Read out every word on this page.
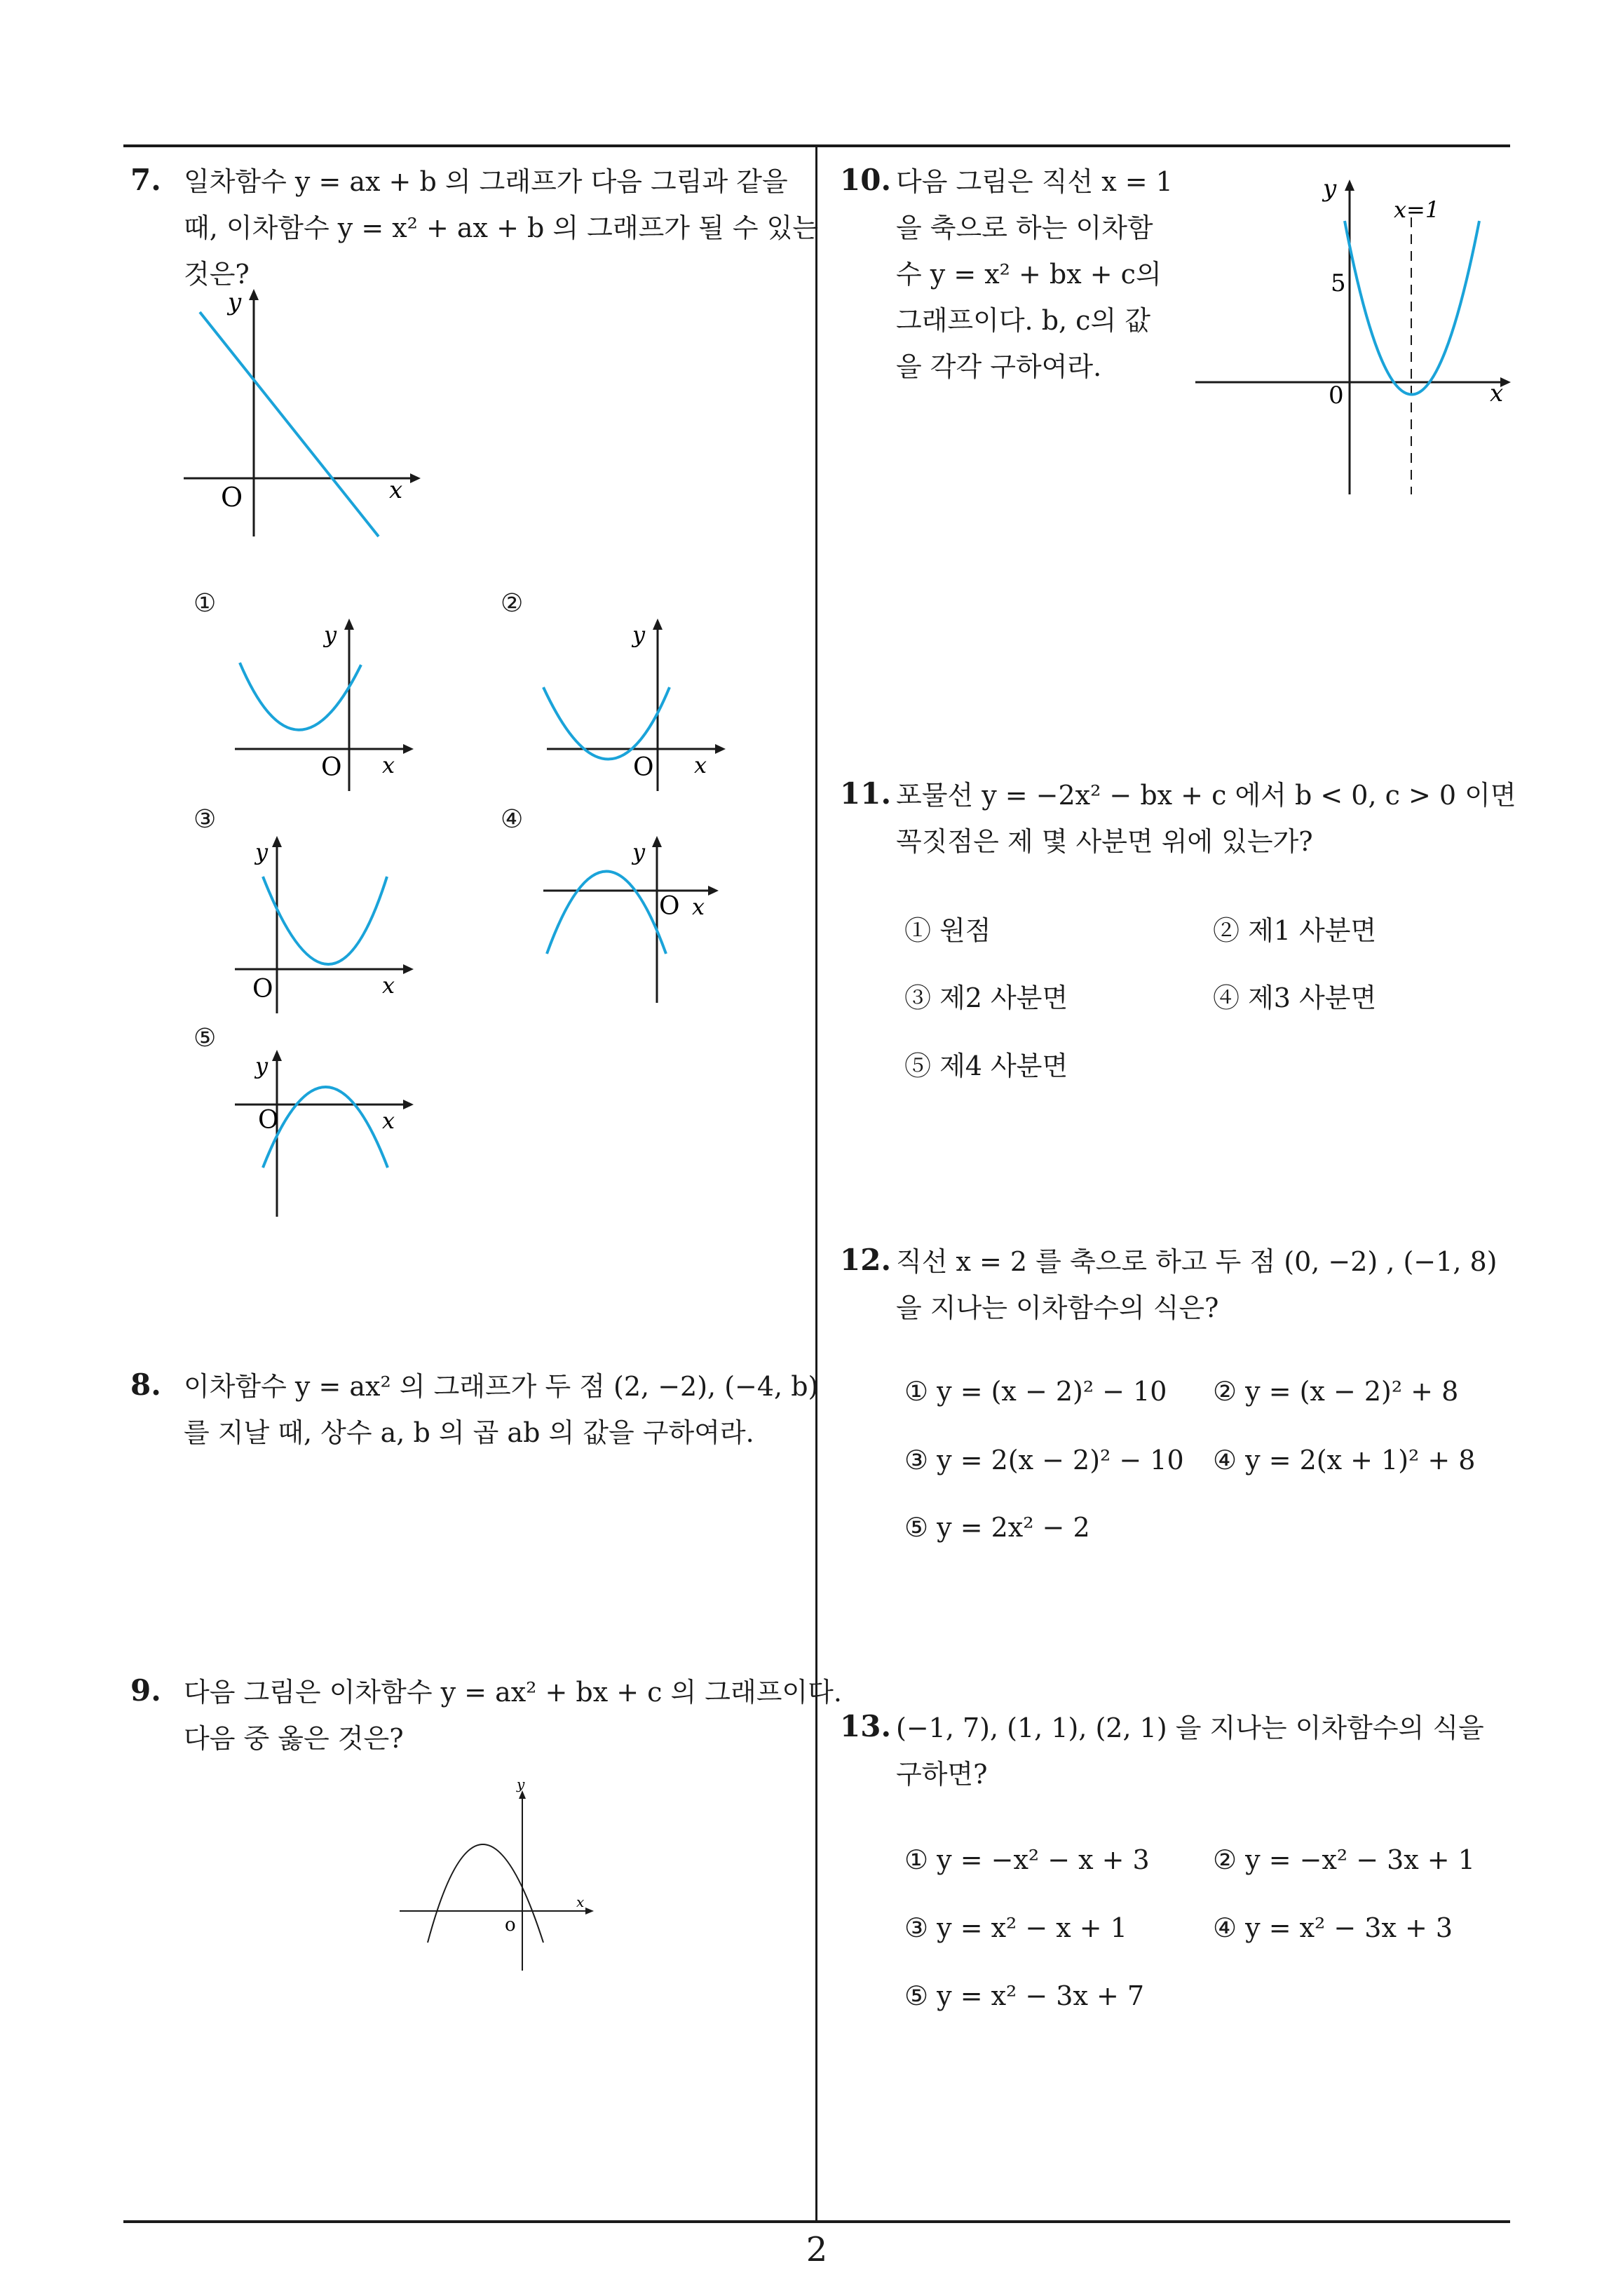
2
7. 일차함수 y = ax + b 의 그래프가 다음 그림과 같을
때, 이차함수 y = x² + ax + b 의 그래프가 될 수 있는
것은?
y
x
O
①
y
x
O
②
y
x
O
③
y
x
O
④
y
x
O
⑤
y
x
O
8. 이차함수 y = ax² 의 그래프가 두 점 (2, −2), (−4, b)
를 지날 때, 상수 a, b 의 곱 ab 의 값을 구하여라.
9. 다음 그림은 이차함수 y = ax² + bx + c 의 그래프이다.
다음 중 옳은 것은?
y
x
o
10. 다음 그림은 직선 x = 1
을 축으로 하는 이차함
수 y = x² + bx + c의
그래프이다. b, c의 값
을 각각 구하여라.
y
x
0
x=1
5
11. 포물선 y = −2x² − bx + c 에서 b < 0, c > 0 이면
꼭짓점은 제 몇 사분면 위에 있는가?
① 원점	② 제1 사분면
③ 제2 사분면	④ 제3 사분면
⑤ 제4 사분면
12. 직선 x = 2 를 축으로 하고 두 점 (0, −2) , (−1, 8)
을 지나는 이차함수의 식은?
① y = (x − 2)² − 10 ② y = (x − 2)² + 8
③ y = 2(x − 2)² − 10 ④ y = 2(x + 1)² + 8
⑤ y = 2x² − 2
13. (−1, 7), (1, 1), (2, 1) 을 지나는 이차함수의 식을
구하면?
① y = −x² − x + 3 ② y = −x² − 3x + 1
③ y = x² − x + 1	④ y = x² − 3x + 3
⑤ y = x² − 3x + 7
